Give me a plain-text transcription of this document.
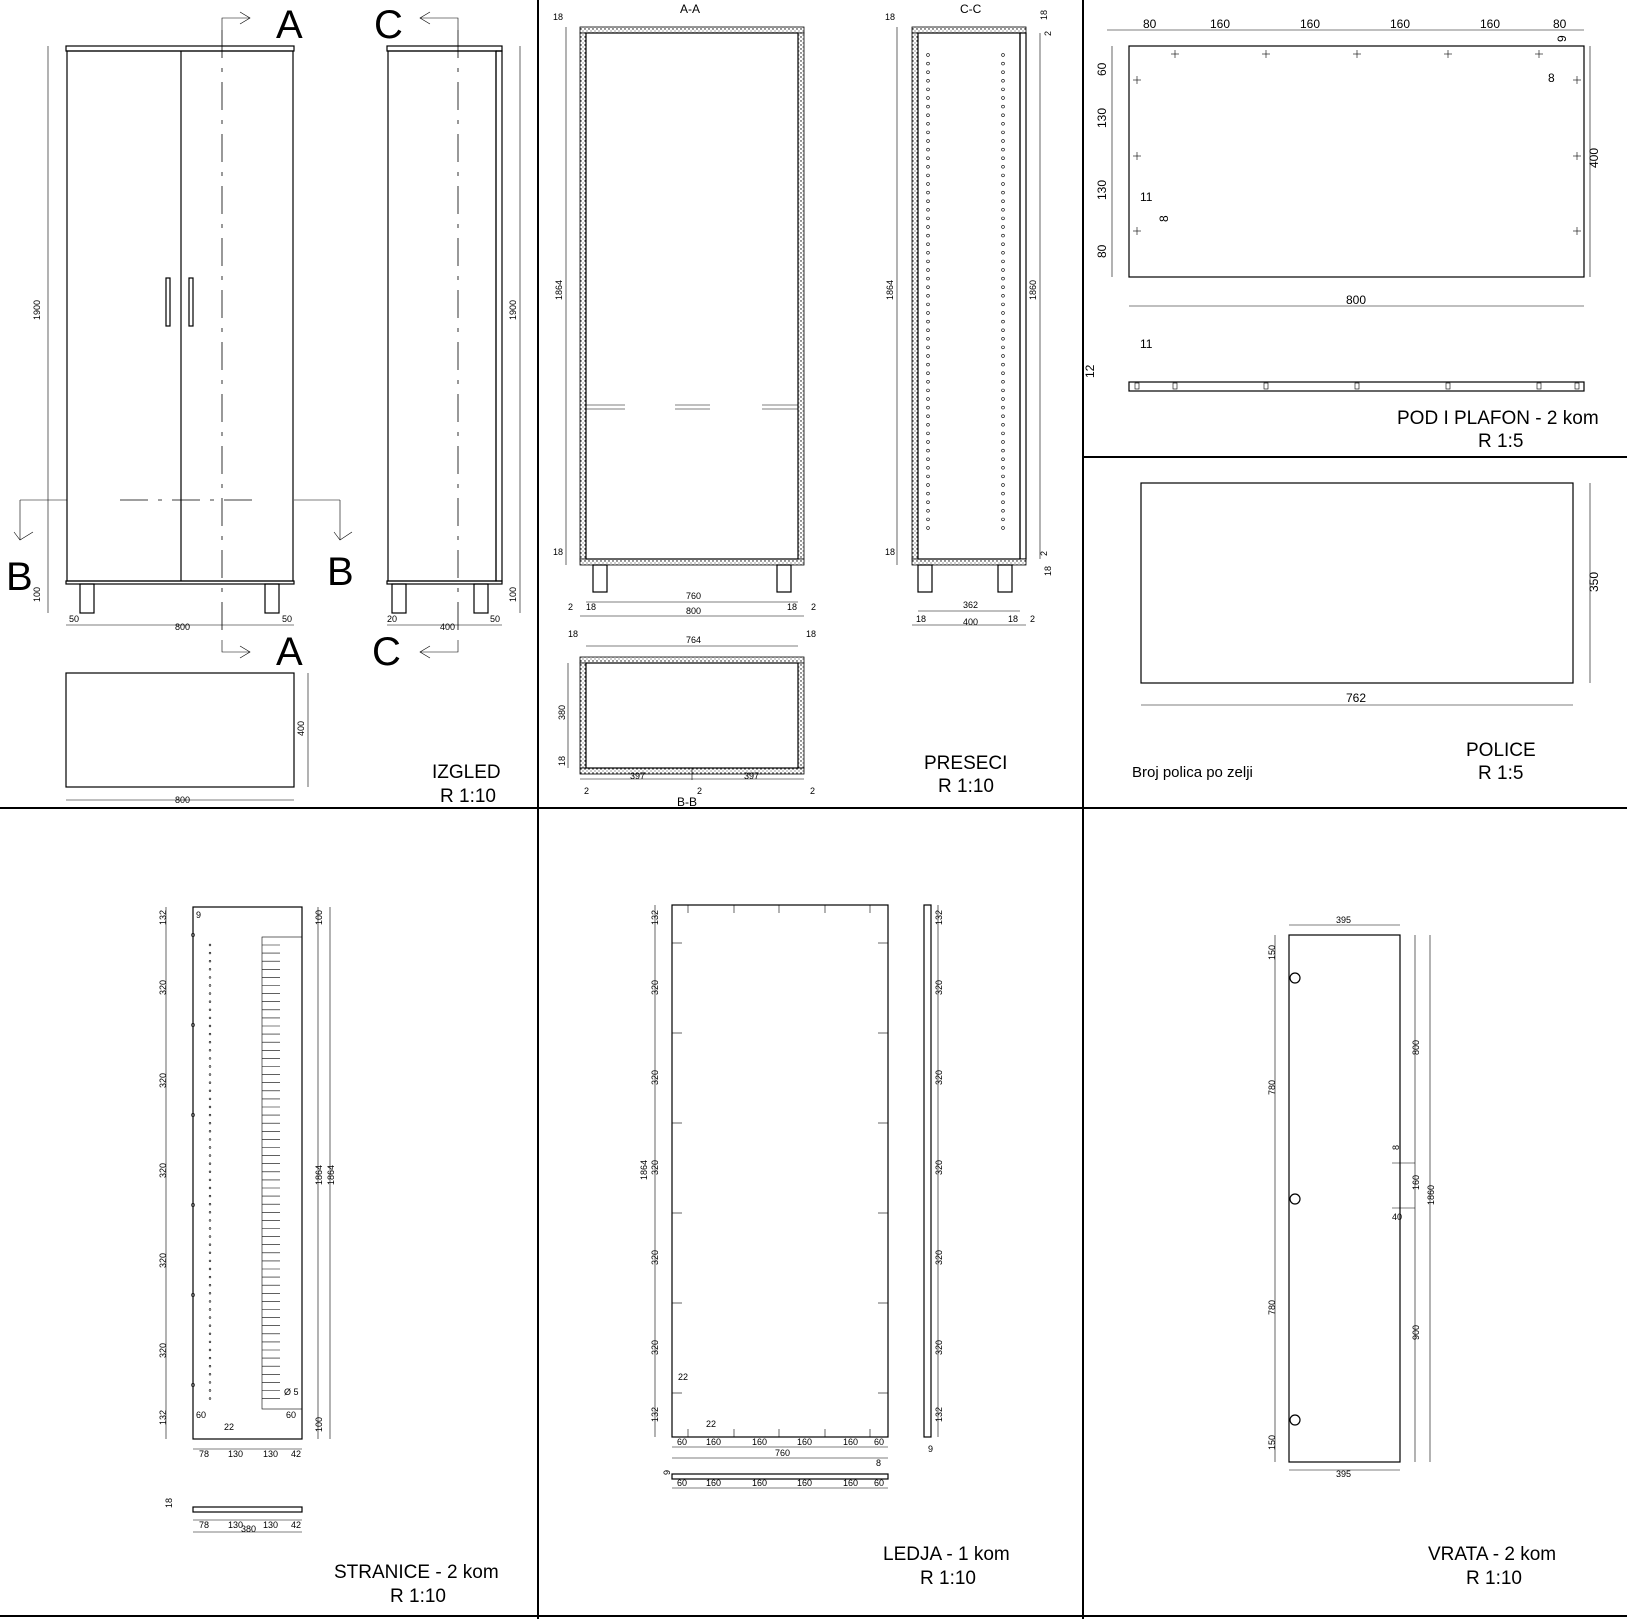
A
A
B	B
1900
100
800
50	50
C
C
1900
100
400
20	50
400
800
IZGLED
R 1:10
A-A
18
1864
18
760
18	18
2	2
800
C-C
18
1864
18
18
2
1860
2
18
362
18	400	18 2
764
18	18
380
18
397	397
2	2	2
B-B
PRESECI
R 1:10
80	160	160	160	160	80
9
8
60
130
130
80
11
8
400
800
11
12
POD I PLAFON - 2 kom
R 1:5
350
762
Broj polica po zelji
POLICE
R 1:5
132
320
320
320
320
320
132
9	100
1864 1864
100
60	60
22
Ø 5
78 130 130 42
18
78 130 130 42
380
STRANICE - 2 kom
R 1:10
132
320
320
320
320
320
132
1864
22
22
60 160	160	160	160 60
760
9
8
60 160	160	160	160 60
132
320
320
320
320
320
132
9
LEDJA - 1 kom
R 1:10
395
395
150
780
780
150
800
160
900
1860
40
8
VRATA - 2 kom
R 1:10
